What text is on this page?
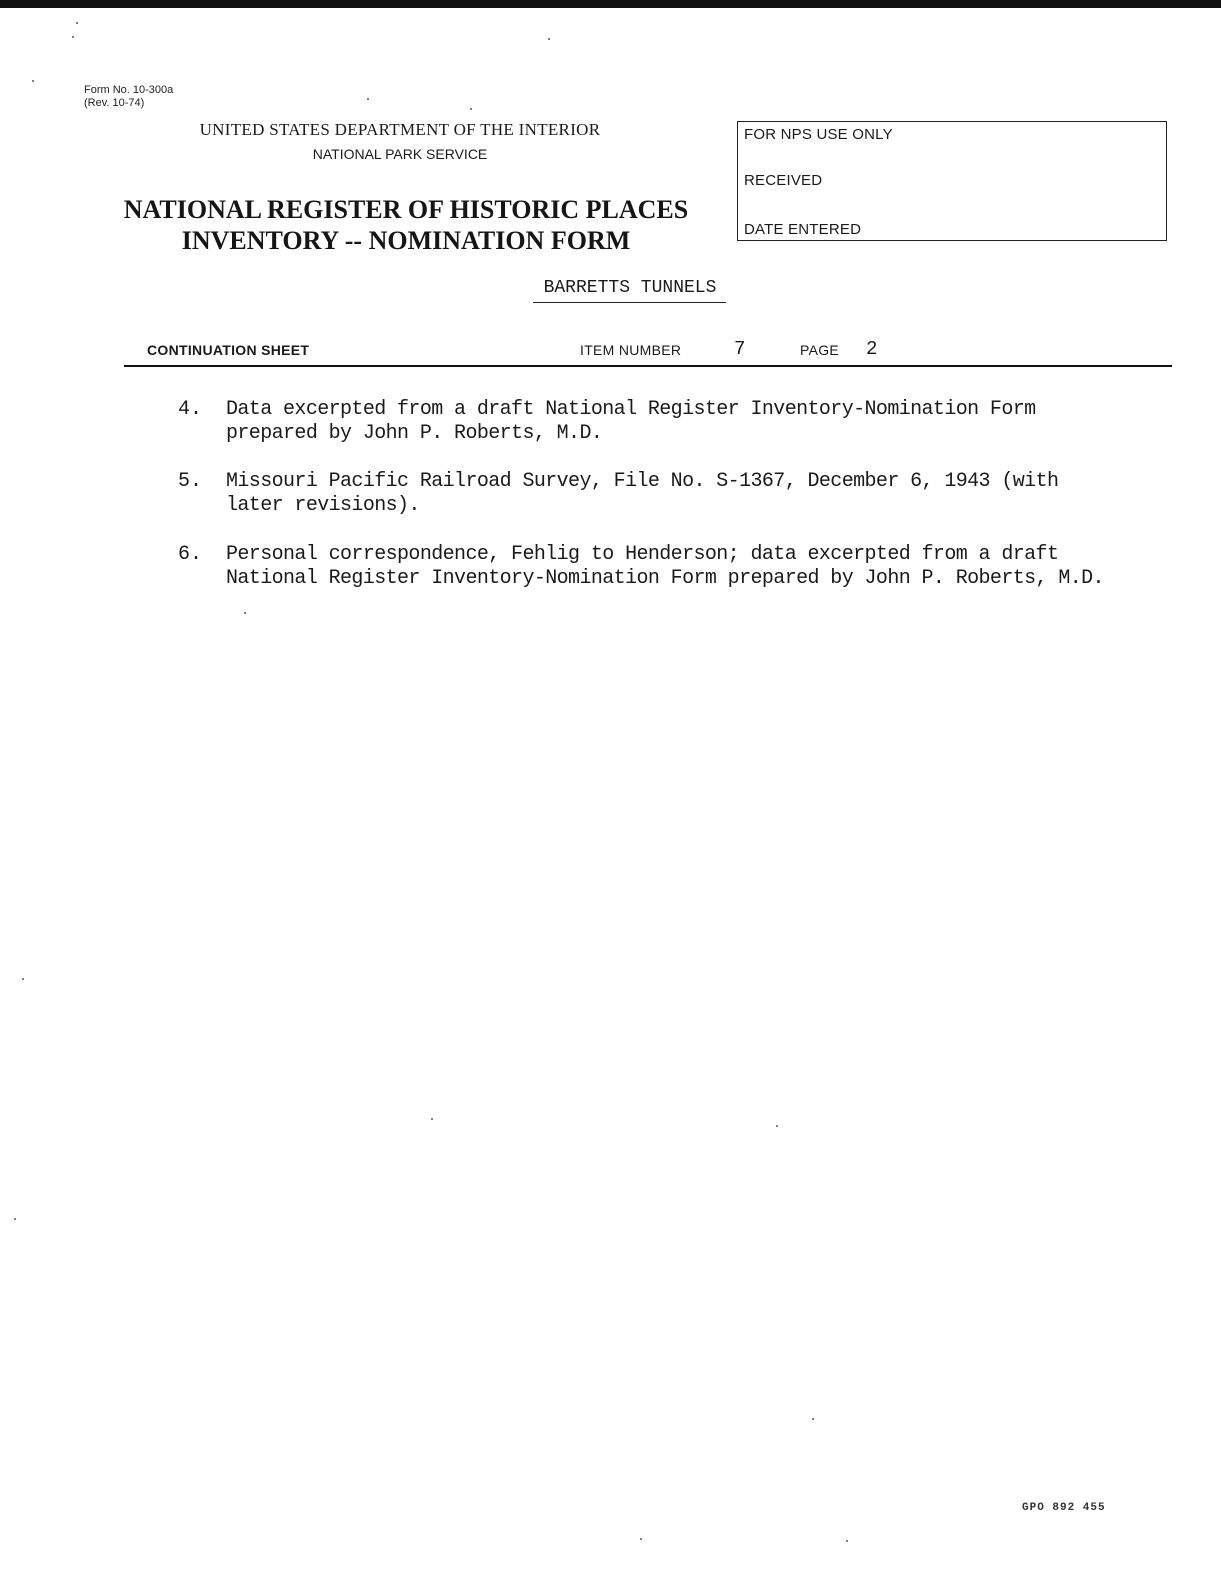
Form No. 10-300a
(Rev. 10-74)
UNITED STATES DEPARTMENT OF THE INTERIOR
NATIONAL PARK SERVICE
NATIONAL REGISTER OF HISTORIC PLACES
INVENTORY -- NOMINATION FORM
FOR NPS USE ONLY
RECEIVED
DATE ENTERED
BARRETTS TUNNELS
CONTINUATION SHEET	ITEM NUMBER	7	PAGE 2
4. Data excerpted from a draft National Register Inventory-Nomination Form
prepared by John P. Roberts, M.D.
5. Missouri Pacific Railroad Survey, File No. S-1367, December 6, 1943 (with
later revisions).
6. Personal correspondence, Fehlig to Henderson; data excerpted from a draft
National Register Inventory-Nomination Form prepared by John P. Roberts, M.D.
GPO 892 455
